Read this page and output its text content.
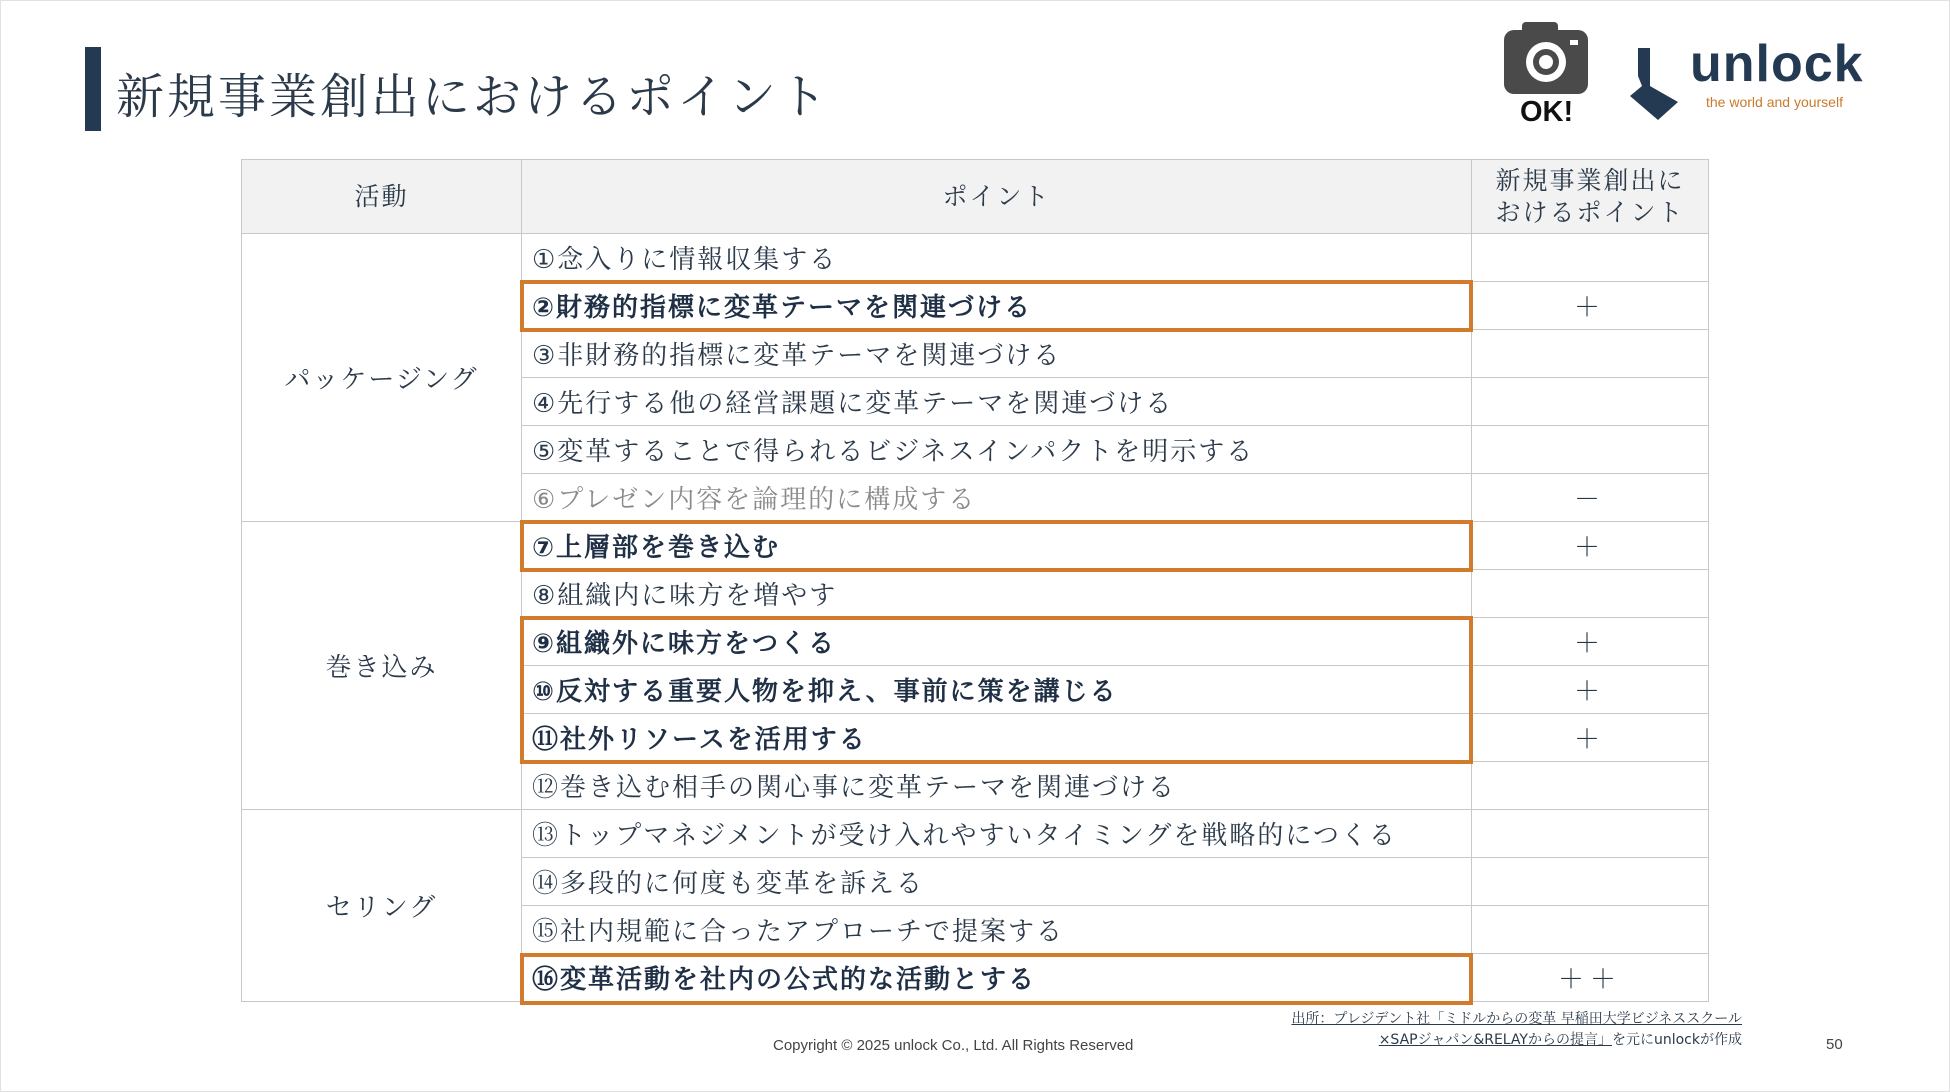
新規事業創出におけるポイント	OK!
unlock
the world and yourself
活動	ポイント	新規事業創出に
おけるポイント
パッケージング	①念入りに情報収集する	
	②財務的指標に変革テーマを関連づける	＋
	③非財務的指標に変革テーマを関連づける	
	④先行する他の経営課題に変革テーマを関連づける	
	⑤変革することで得られるビジネスインパクトを明示する	
	⑥プレゼン内容を論理的に構成する	－
巻き込み	⑦上層部を巻き込む	＋
	⑧組織内に味方を増やす	
	⑨組織外に味方をつくる	＋
	⑩反対する重要人物を抑え、事前に策を講じる	＋
	⑪社外リソースを活用する	＋
	⑫巻き込む相手の関心事に変革テーマを関連づける	
セリング	⑬トップマネジメントが受け入れやすいタイミングを戦略的につくる	
	⑭多段的に何度も変革を訴える	
	⑮社内規範に合ったアプローチで提案する	
	⑯変革活動を社内の公式的な活動とする	＋＋
出所：プレジデント社「ミドルからの変革 早稲田大学ビジネススクール
×SAPジャパン&RELAYからの提言」を元にunlockが作成
Copyright © 2025 unlock Co., Ltd. All Rights Reserved	50
